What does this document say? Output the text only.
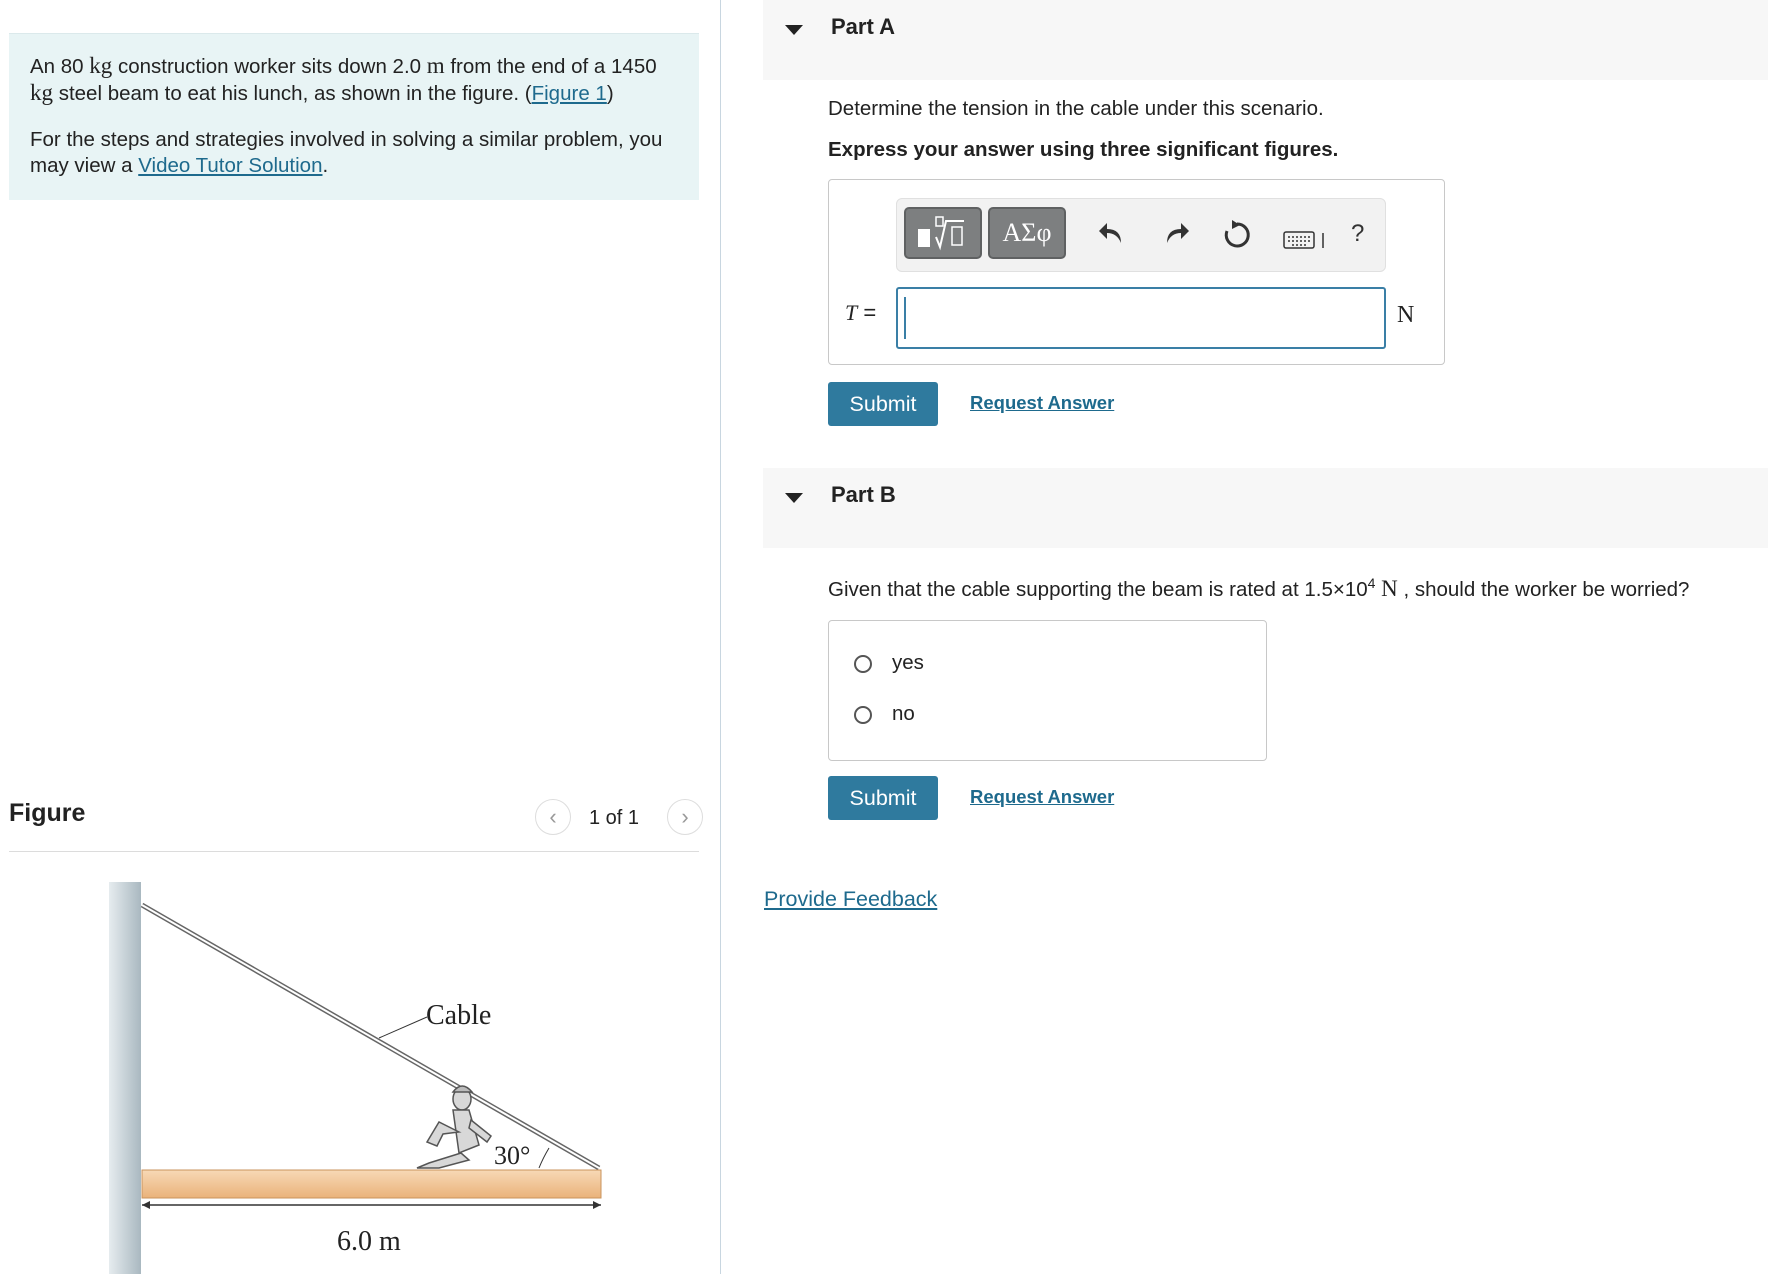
An 80 kg construction worker sits down 2.0 m from the end of a 1450 kg steel beam to eat his lunch, as shown in the figure. (Figure 1)

For the steps and strategies involved in solving a similar problem, you may view a Video Tutor Solution.

Figure	‹	1 of 1	›
Cable
30°
6.0 m
Part A
Determine the tension in the cable under this scenario.
Express your answer using three significant figures.
ΑΣφ	?
T =	N
Submit	Request Answer
Part B
Given that the cable supporting the beam is rated at $1.5\times 10^4$ N , should the worker be worried?
yes
no
Submit	Request Answer
Provide Feedback
